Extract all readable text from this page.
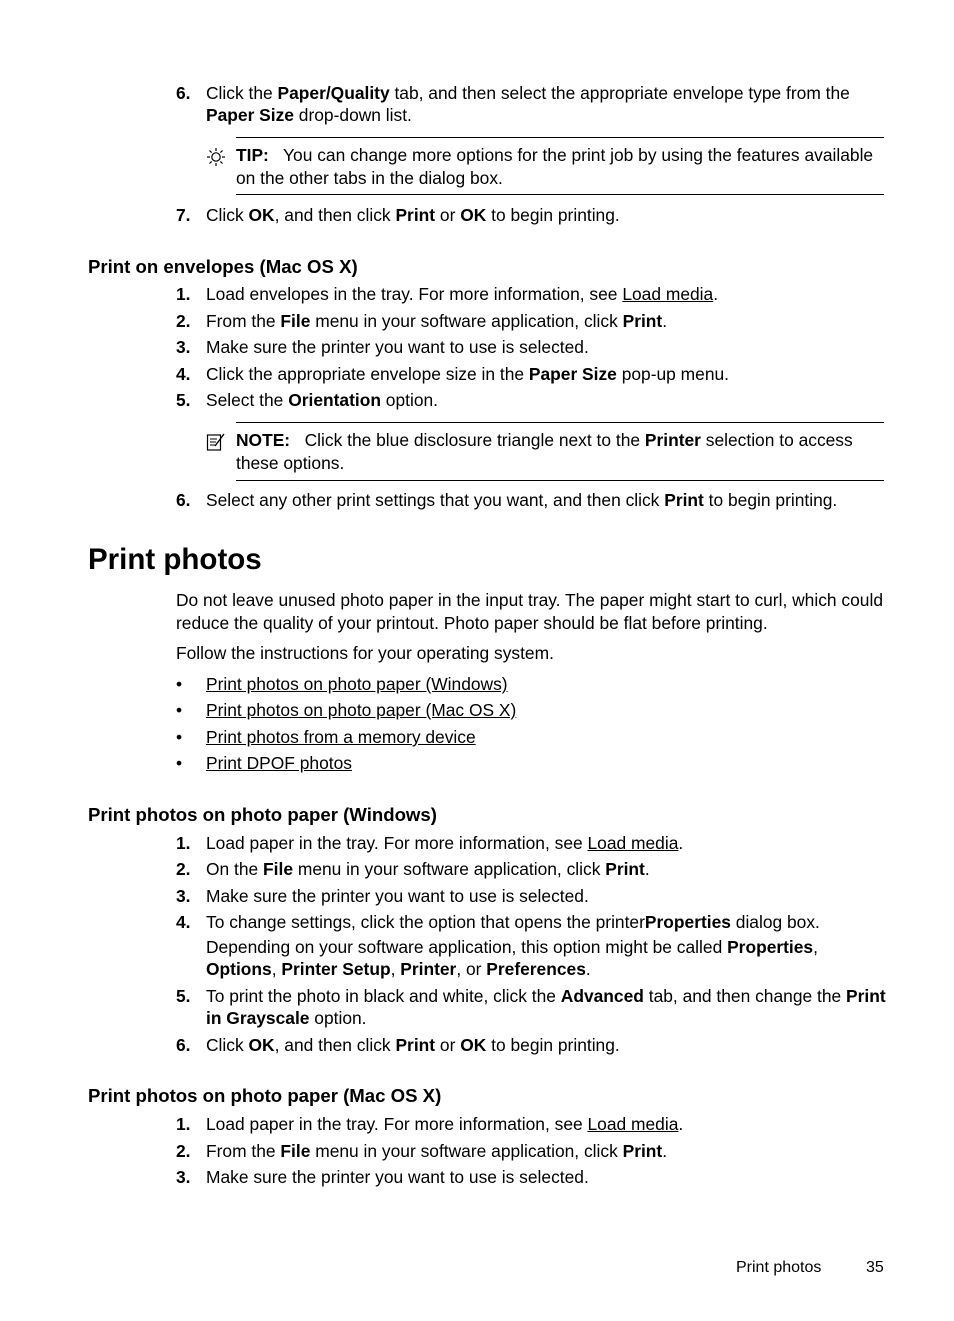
6. Click the Paper/Quality tab, and then select the appropriate envelope type from the Paper Size drop-down list.
TIP: You can change more options for the print job by using the features available on the other tabs in the dialog box.
7. Click OK, and then click Print or OK to begin printing.
Print on envelopes (Mac OS X)
1. Load envelopes in the tray. For more information, see Load media.
2. From the File menu in your software application, click Print.
3. Make sure the printer you want to use is selected.
4. Click the appropriate envelope size in the Paper Size pop-up menu.
5. Select the Orientation option.
NOTE: Click the blue disclosure triangle next to the Printer selection to access these options.
6. Select any other print settings that you want, and then click Print to begin printing.
Print photos
Do not leave unused photo paper in the input tray. The paper might start to curl, which could reduce the quality of your printout. Photo paper should be flat before printing.
Follow the instructions for your operating system.
• Print photos on photo paper (Windows)
• Print photos on photo paper (Mac OS X)
• Print photos from a memory device
• Print DPOF photos
Print photos on photo paper (Windows)
1. Load paper in the tray. For more information, see Load media.
2. On the File menu in your software application, click Print.
3. Make sure the printer you want to use is selected.
4. To change settings, click the option that opens the printerProperties dialog box.
Depending on your software application, this option might be called Properties, Options, Printer Setup, Printer, or Preferences.
5. To print the photo in black and white, click the Advanced tab, and then change the Print in Grayscale option.
6. Click OK, and then click Print or OK to begin printing.
Print photos on photo paper (Mac OS X)
1. Load paper in the tray. For more information, see Load media.
2. From the File menu in your software application, click Print.
3. Make sure the printer you want to use is selected.
Print photos	35
